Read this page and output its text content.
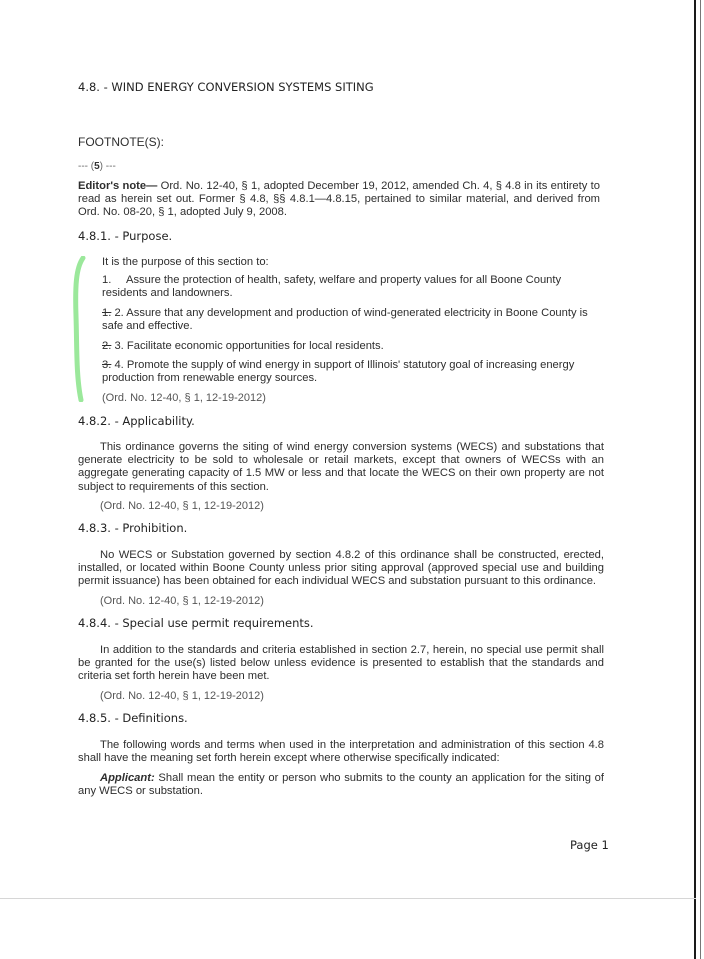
4.8. - WIND ENERGY CONVERSION SYSTEMS SITING
FOOTNOTE(S):
--- (5) ---
Editor's note— Ord. No. 12-40, § 1, adopted December 19, 2012, amended Ch. 4, § 4.8 in its entirety to read as herein set out. Former § 4.8, §§ 4.8.1—4.8.15, pertained to similar material, and derived from Ord. No. 08-20, § 1, adopted July 9, 2008.
4.8.1. - Purpose.
It is the purpose of this section to:
1. Assure the protection of health, safety, welfare and property values for all Boone County residents and landowners.
1. 2. Assure that any development and production of wind-generated electricity in Boone County is safe and effective.
2. 3. Facilitate economic opportunities for local residents.
3. 4. Promote the supply of wind energy in support of Illinois' statutory goal of increasing energy production from renewable energy sources.
(Ord. No. 12-40, § 1, 12-19-2012)
4.8.2. - Applicability.
This ordinance governs the siting of wind energy conversion systems (WECS) and substations that generate electricity to be sold to wholesale or retail markets, except that owners of WECSs with an aggregate generating capacity of 1.5 MW or less and that locate the WECS on their own property are not subject to requirements of this section.
(Ord. No. 12-40, § 1, 12-19-2012)
4.8.3. - Prohibition.
No WECS or Substation governed by section 4.8.2 of this ordinance shall be constructed, erected, installed, or located within Boone County unless prior siting approval (approved special use and building permit issuance) has been obtained for each individual WECS and substation pursuant to this ordinance.
(Ord. No. 12-40, § 1, 12-19-2012)
4.8.4. - Special use permit requirements.
In addition to the standards and criteria established in section 2.7, herein, no special use permit shall be granted for the use(s) listed below unless evidence is presented to establish that the standards and criteria set forth herein have been met.
(Ord. No. 12-40, § 1, 12-19-2012)
4.8.5. - Definitions.
The following words and terms when used in the interpretation and administration of this section 4.8 shall have the meaning set forth herein except where otherwise specifically indicated:
Applicant: Shall mean the entity or person who submits to the county an application for the siting of any WECS or substation.
Page 1
